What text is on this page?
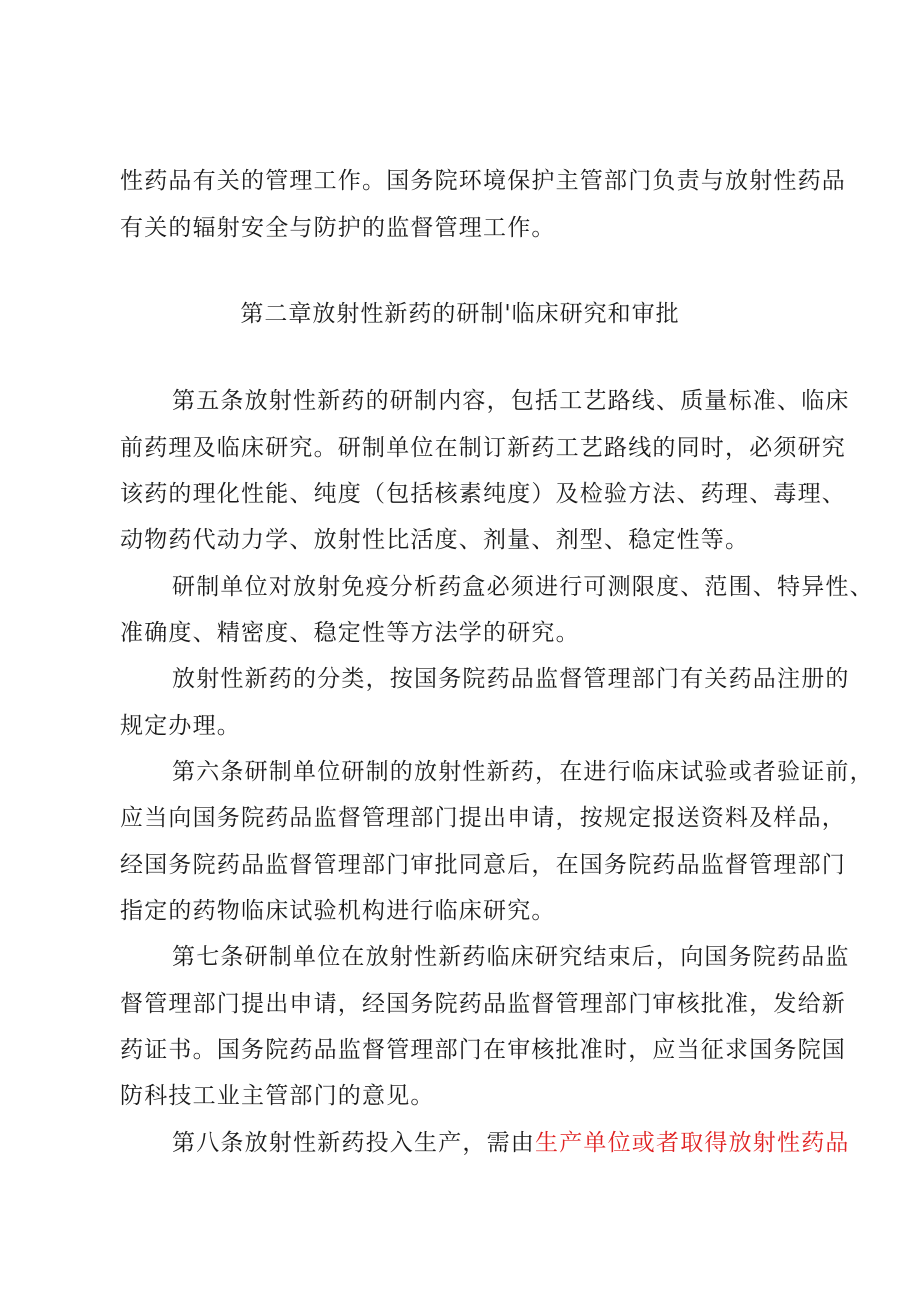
性药品有关的管理工作。国务院环境保护主管部门负责与放射性药品
有关的辐射安全与防护的监督管理工作。
第二章放射性新药的研制'临床研究和审批
第五条放射性新药的研制内容，包括工艺路线、质量标准、临床
前药理及临床研究。研制单位在制订新药工艺路线的同时，必须研究
该药的理化性能、纯度（包括核素纯度）及检验方法、药理、毒理、
动物药代动力学、放射性比活度、剂量、剂型、稳定性等。
研制单位对放射免疫分析药盒必须进行可测限度、范围、特异性、
准确度、精密度、稳定性等方法学的研究。
放射性新药的分类，按国务院药品监督管理部门有关药品注册的
规定办理。
第六条研制单位研制的放射性新药，在进行临床试验或者验证前，
应当向国务院药品监督管理部门提出申请，按规定报送资料及样品，
经国务院药品监督管理部门审批同意后，在国务院药品监督管理部门
指定的药物临床试验机构进行临床研究。
第七条研制单位在放射性新药临床研究结束后，向国务院药品监
督管理部门提出申请，经国务院药品监督管理部门审核批准，发给新
药证书。国务院药品监督管理部门在审核批准时，应当征求国务院国
防科技工业主管部门的意见。
第八条放射性新药投入生产，需由生产单位或者取得放射性药品
